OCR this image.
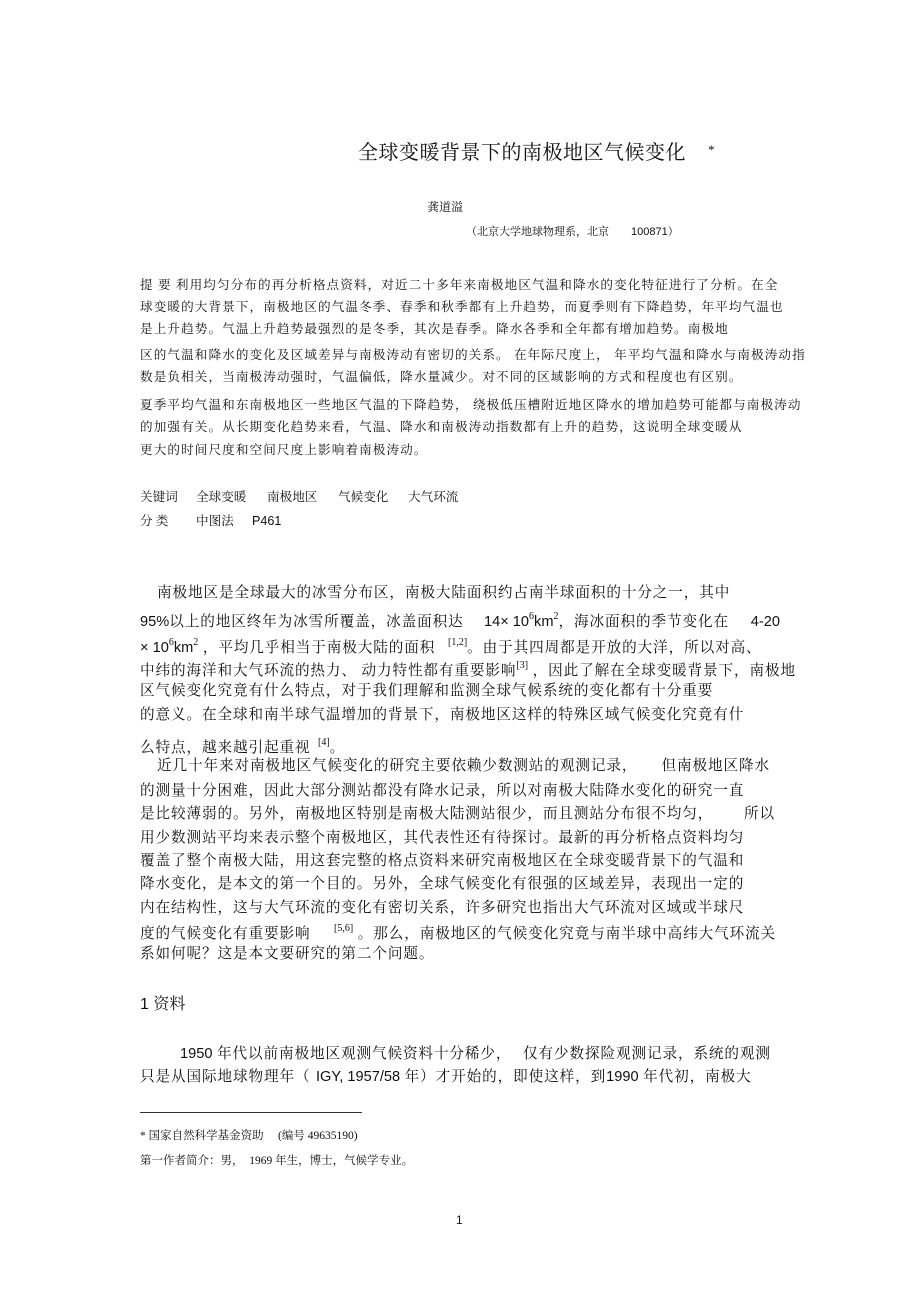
全球变暖背景下的南极地区气候变化 *
龚道溢
（北京大学地球物理系，北京　　100871）
提 要 利用均匀分布的再分析格点资料，对近二十多年来南极地区气温和降水的变化特征进行了分析。在全
球变暖的大背景下，南极地区的气温冬季、春季和秋季都有上升趋势，而夏季则有下降趋势，年平均气温也
是上升趋势。气温上升趋势最强烈的是冬季，其次是春季。降水各季和全年都有增加趋势。南极地
区的气温和降水的变化及区域差异与南极涛动有密切的关系。 在年际尺度上， 年平均气温和降水与南极涛动指
数是负相关，当南极涛动强时，气温偏低，降水量减少。对不同的区域影响的方式和程度也有区别。
夏季平均气温和东南极地区一些地区气温的下降趋势， 绕极低压槽附近地区降水的增加趋势可能都与南极涛动
的加强有关。从长期变化趋势来看，气温、降水和南极涛动指数都有上升的趋势，这说明全球变暖从
更大的时间尺度和空间尺度上影响着南极涛动。
关键词 全球变暖 南极地区 气候变化 大气环流
分 类 中图法 P461
南极地区是全球最大的冰雪分布区，南极大陆面积约占南半球面积的十分之一，其中
95%以上的地区终年为冰雪所覆盖，冰盖面积达 $14\times 10^6km^2$，海冰面积的季节变化在 4-20
× $10^6km^2$ ，平均几乎相当于南极大陆的面积 [1,2]。由于其四周都是开放的大洋，所以对高、
中纬的海洋和大气环流的热力、 动力特性都有重要影响[3] ，因此了解在全球变暖背景下，南极地
区气候变化究竟有什么特点，对于我们理解和监测全球气候系统的变化都有十分重要
的意义。在全球和南半球气温增加的背景下，南极地区这样的特殊区域气候变化究竟有什
么特点，越来越引起重视 [4]。
近几十年来对南极地区气候变化的研究主要依赖少数测站的观测记录， 但南极地区降水
的测量十分困难，因此大部分测站都没有降水记录，所以对南极大陆降水变化的研究一直
是比较薄弱的。另外，南极地区特别是南极大陆测站很少，而且测站分布很不均匀， 所以
用少数测站平均来表示整个南极地区，其代表性还有待探讨。最新的再分析格点资料均匀
覆盖了整个南极大陆，用这套完整的格点资料来研究南极地区在全球变暖背景下的气温和
降水变化，是本文的第一个目的。另外，全球气候变化有很强的区域差异，表现出一定的
内在结构性，这与大气环流的变化有密切关系，许多研究也指出大气环流对区域或半球尺
度的气候变化有重要影响 [5,6] 。那么，南极地区的气候变化究竟与南半球中高纬大气环流关
系如何呢？这是本文要研究的第二个问题。
1 资料
1950 年代以前南极地区观测气候资料十分稀少， 仅有少数探险观测记录，系统的观测
只是从国际地球物理年（ IGY, 1957/58 年）才开始的，即使这样，到1990 年代初，南极大
* 国家自然科学基金资助　 (编号 49635190)
第一作者简介：男，　1969 年生，博士，气候学专业。
1
